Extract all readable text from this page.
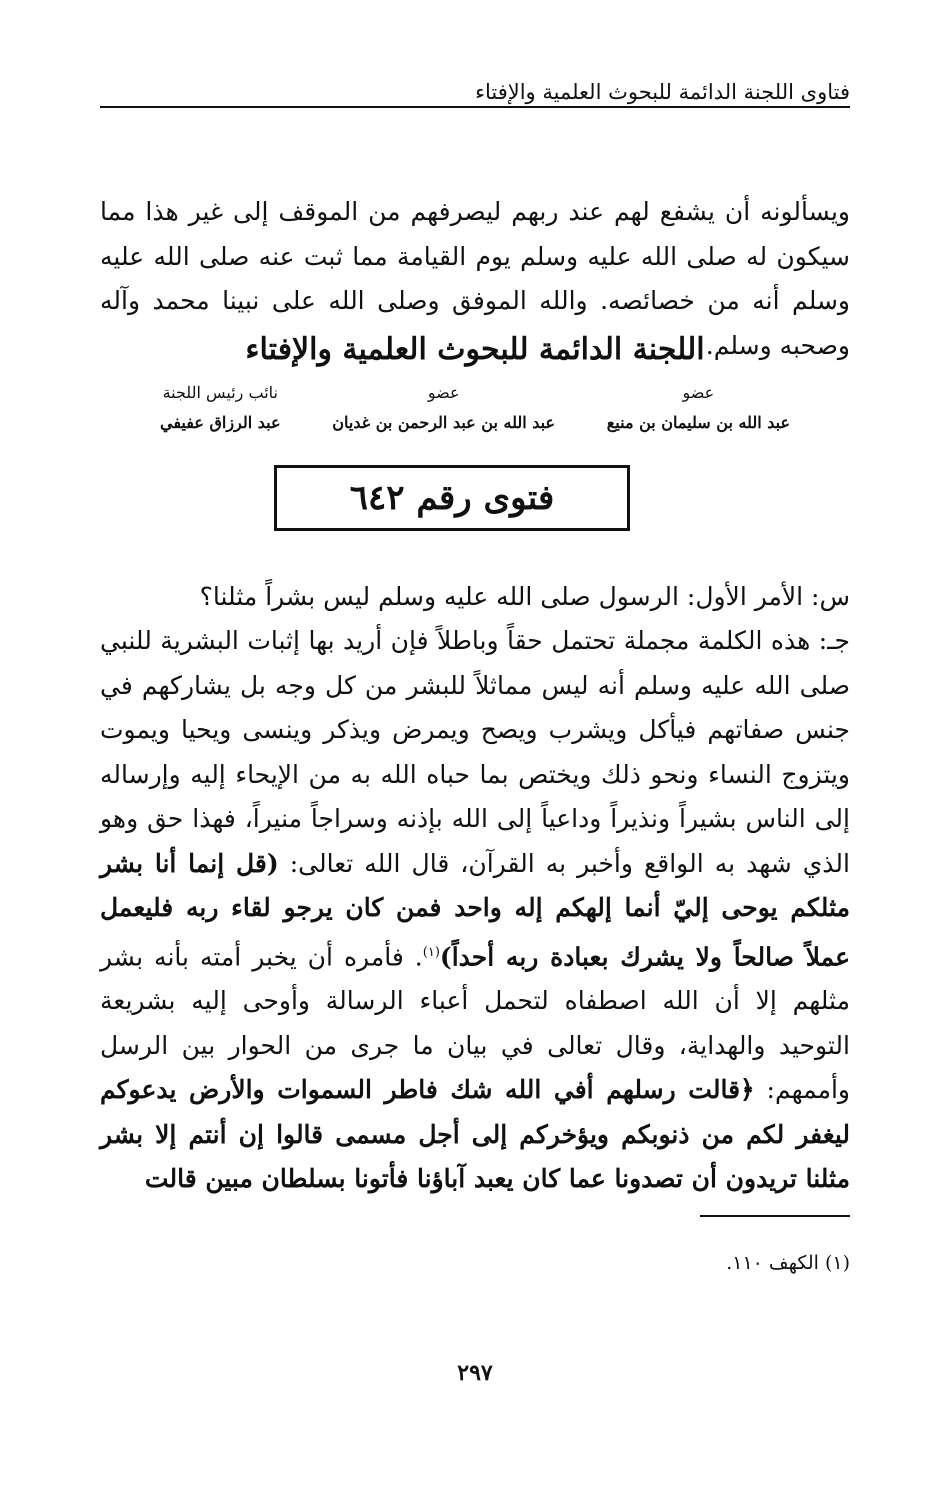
فتاوى اللجنة الدائمة للبحوث العلمية والإفتاء

ويسألونه أن يشفع لهم عند ربهم ليصرفهم من الموقف إلى غير هذا مما سيكون له صلى الله عليه وسلم يوم القيامة مما ثبت عنه صلى الله عليه وسلم أنه من خصائصه. والله الموفق وصلى الله على نبينا محمد وآله وصحبه وسلم.

اللجنة الدائمة للبحوث العلمية والإفتاء
عضو
عبد الله بن سليمان بن منيع
عضو
عبد الله بن عبد الرحمن بن غديان
نائب رئيس اللجنة
عبد الرزاق عفيفي
فتوى رقم ٦٤٢

س: الأمر الأول: الرسول صلى الله عليه وسلم ليس بشراً مثلنا؟

جـ: هذه الكلمة مجملة تحتمل حقاً وباطلاً فإن أريد بها إثبات البشرية للنبي صلى الله عليه وسلم أنه ليس مماثلاً للبشر من كل وجه بل يشاركهم في جنس صفاتهم فيأكل ويشرب ويصح ويمرض ويذكر وينسى ويحيا ويموت ويتزوج النساء ونحو ذلك ويختص بما حباه الله به من الإيحاء إليه وإرساله إلى الناس بشيراً ونذيراً وداعياً إلى الله بإذنه وسراجاً منيراً، فهذا حق وهو الذي شهد به الواقع وأخبر به القرآن، قال الله تعالى: (قل إنما أنا بشر مثلكم يوحى إليّ أنما إلهكم إله واحد فمن كان يرجو لقاء ربه فليعمل عملاً صالحاً ولا يشرك بعبادة ربه أحداً)$^{(١)}$. فأمره أن يخبر أمته بأنه بشر مثلهم إلا أن الله اصطفاه لتحمل أعباء الرسالة وأوحى إليه بشريعة التوحيد والهداية، وقال تعالى في بيان ما جرى من الحوار بين الرسل وأممهم: ﴿قالت رسلهم أفي الله شك فاطر السموات والأرض يدعوكم ليغفر لكم من ذنوبكم ويؤخركم إلى أجل مسمى قالوا إن أنتم إلا بشر مثلنا تريدون أن تصدونا عما كان يعبد آباؤنا فأتونا بسلطان مبين قالت

(١) الكهف ١١٠.
٢٩٧
